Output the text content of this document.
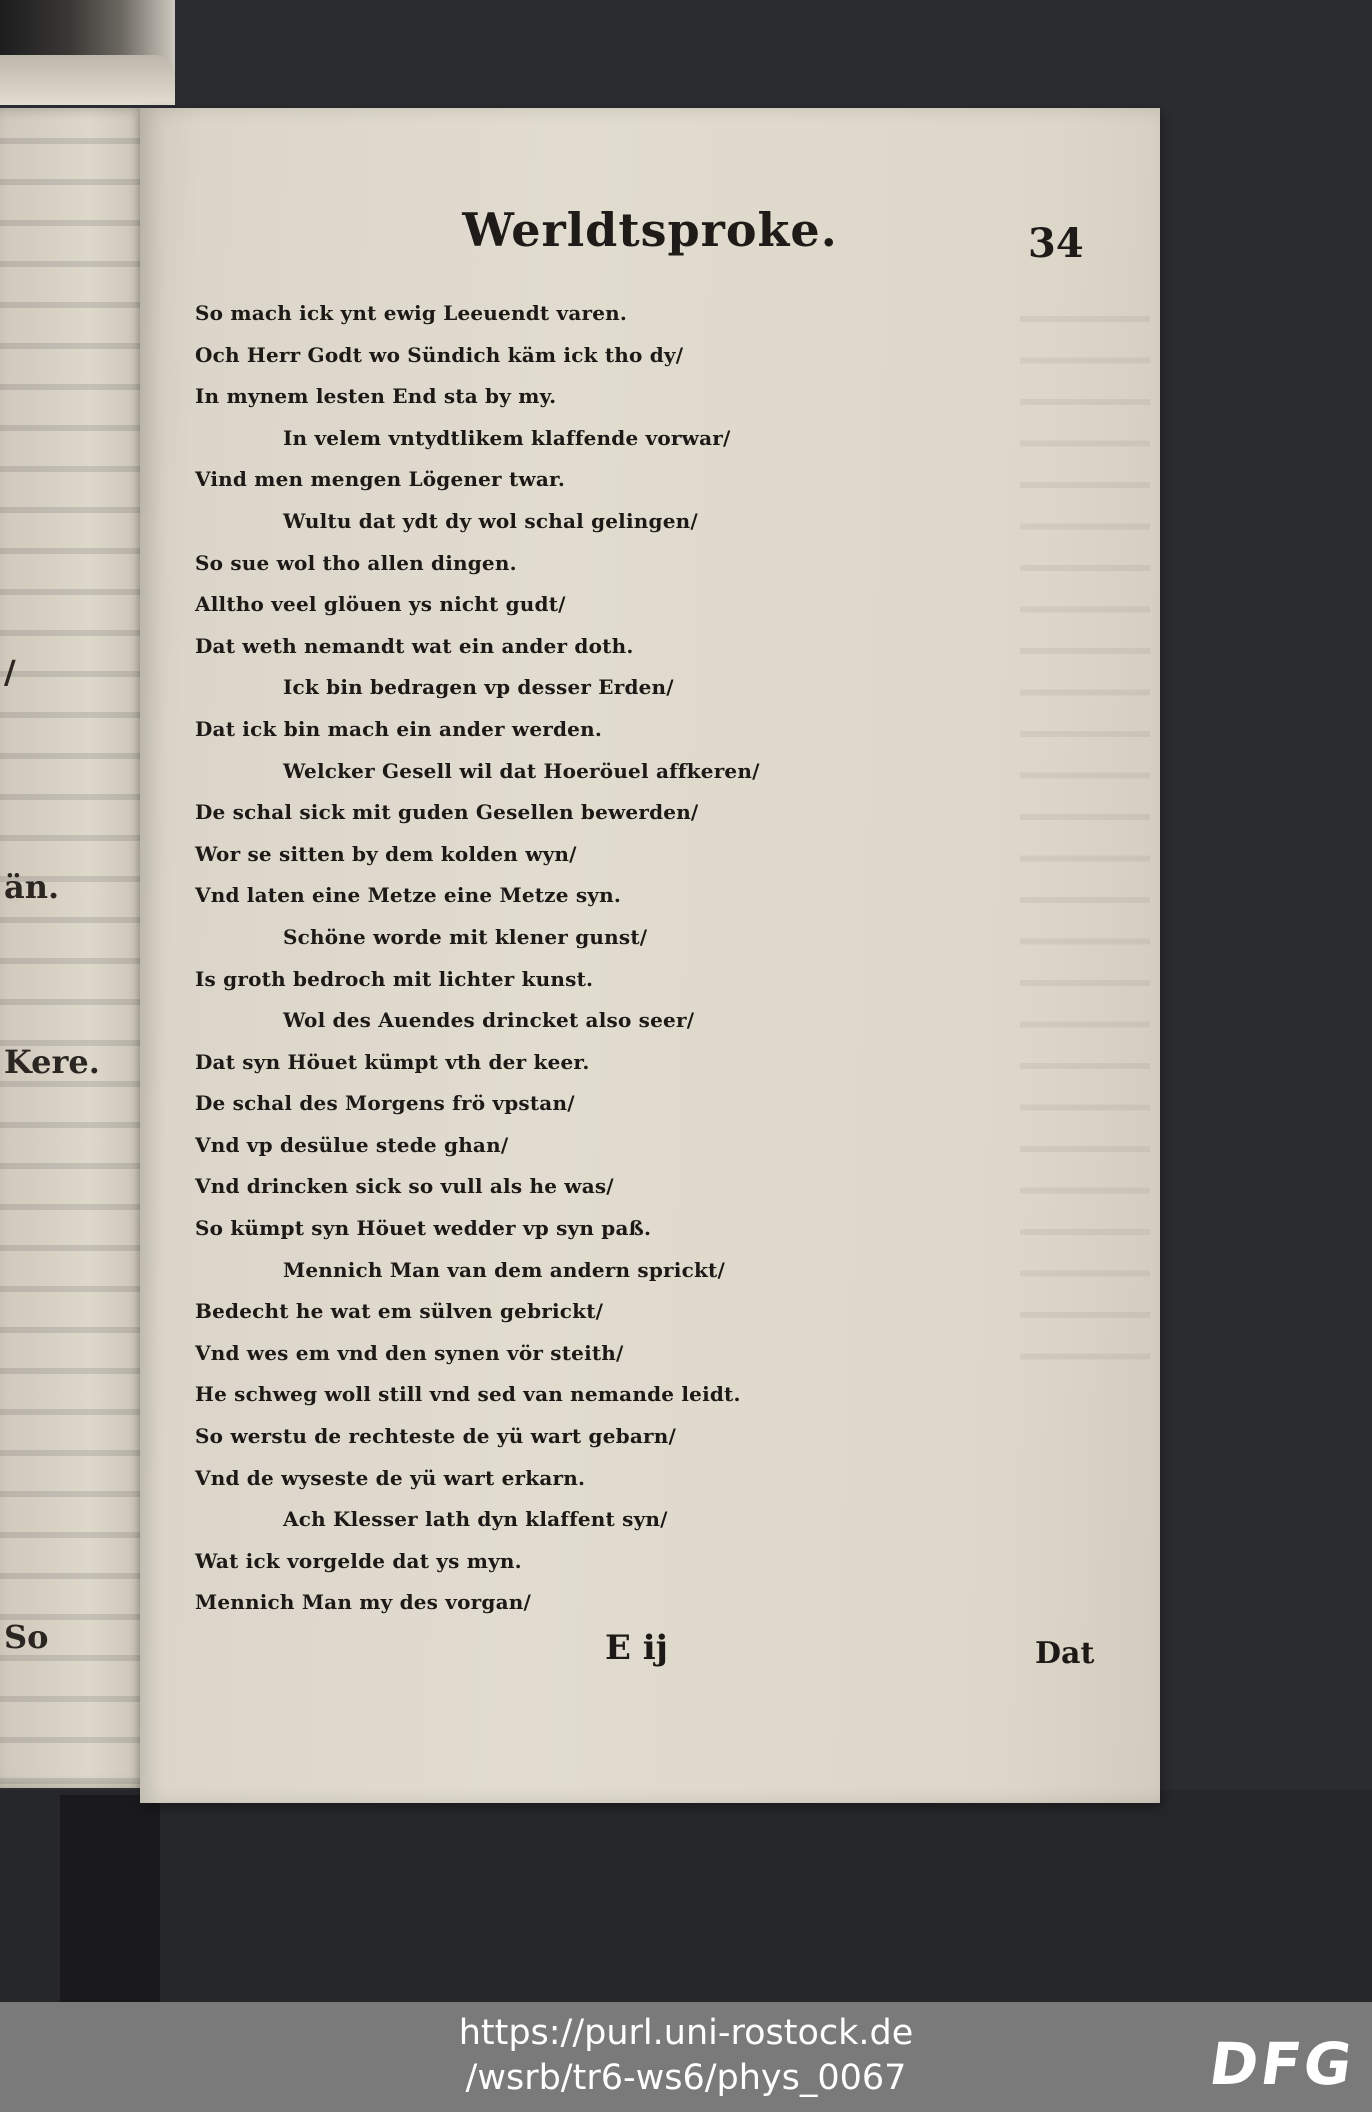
/
än.
Kere.
So
Werldtsproke.	34
So mach ick ynt ewig Leeuendt varen.
Och Herr Godt wo Sündich käm ick tho dy/
In mynem lesten End sta by my.
In velem vntydtlikem klaffende vorwar/
Vind men mengen Lögener twar.
Wultu dat ydt dy wol schal gelingen/
So sue wol tho allen dingen.
Alltho veel glöuen ys nicht gudt/
Dat weth nemandt wat ein ander doth.
Ick bin bedragen vp desser Erden/
Dat ick bin mach ein ander werden.
Welcker Gesell wil dat Hoeröuel affkeren/
De schal sick mit guden Gesellen bewerden/
Wor se sitten by dem kolden wyn/
Vnd laten eine Metze eine Metze syn.
Schöne worde mit klener gunst/
Is groth bedroch mit lichter kunst.
Wol des Auendes drincket also seer/
Dat syn Höuet kümpt vth der keer.
De schal des Morgens frö vpstan/
Vnd vp desülue stede ghan/
Vnd drincken sick so vull als he was/
So kümpt syn Höuet wedder vp syn paß.
Mennich Man van dem andern sprickt/
Bedecht he wat em sülven gebrickt/
Vnd wes em vnd den synen vör steith/
He schweg woll still vnd sed van nemande leidt.
So werstu de rechteste de yü wart gebarn/
Vnd de wyseste de yü wart erkarn.
Ach Klesser lath dyn klaffent syn/
Wat ick vorgelde dat ys myn.
Mennich Man my des vorgan/
E ij	Dat
https://purl.uni-rostock.de
/wsrb/tr6-ws6/phys_0067	DFG
